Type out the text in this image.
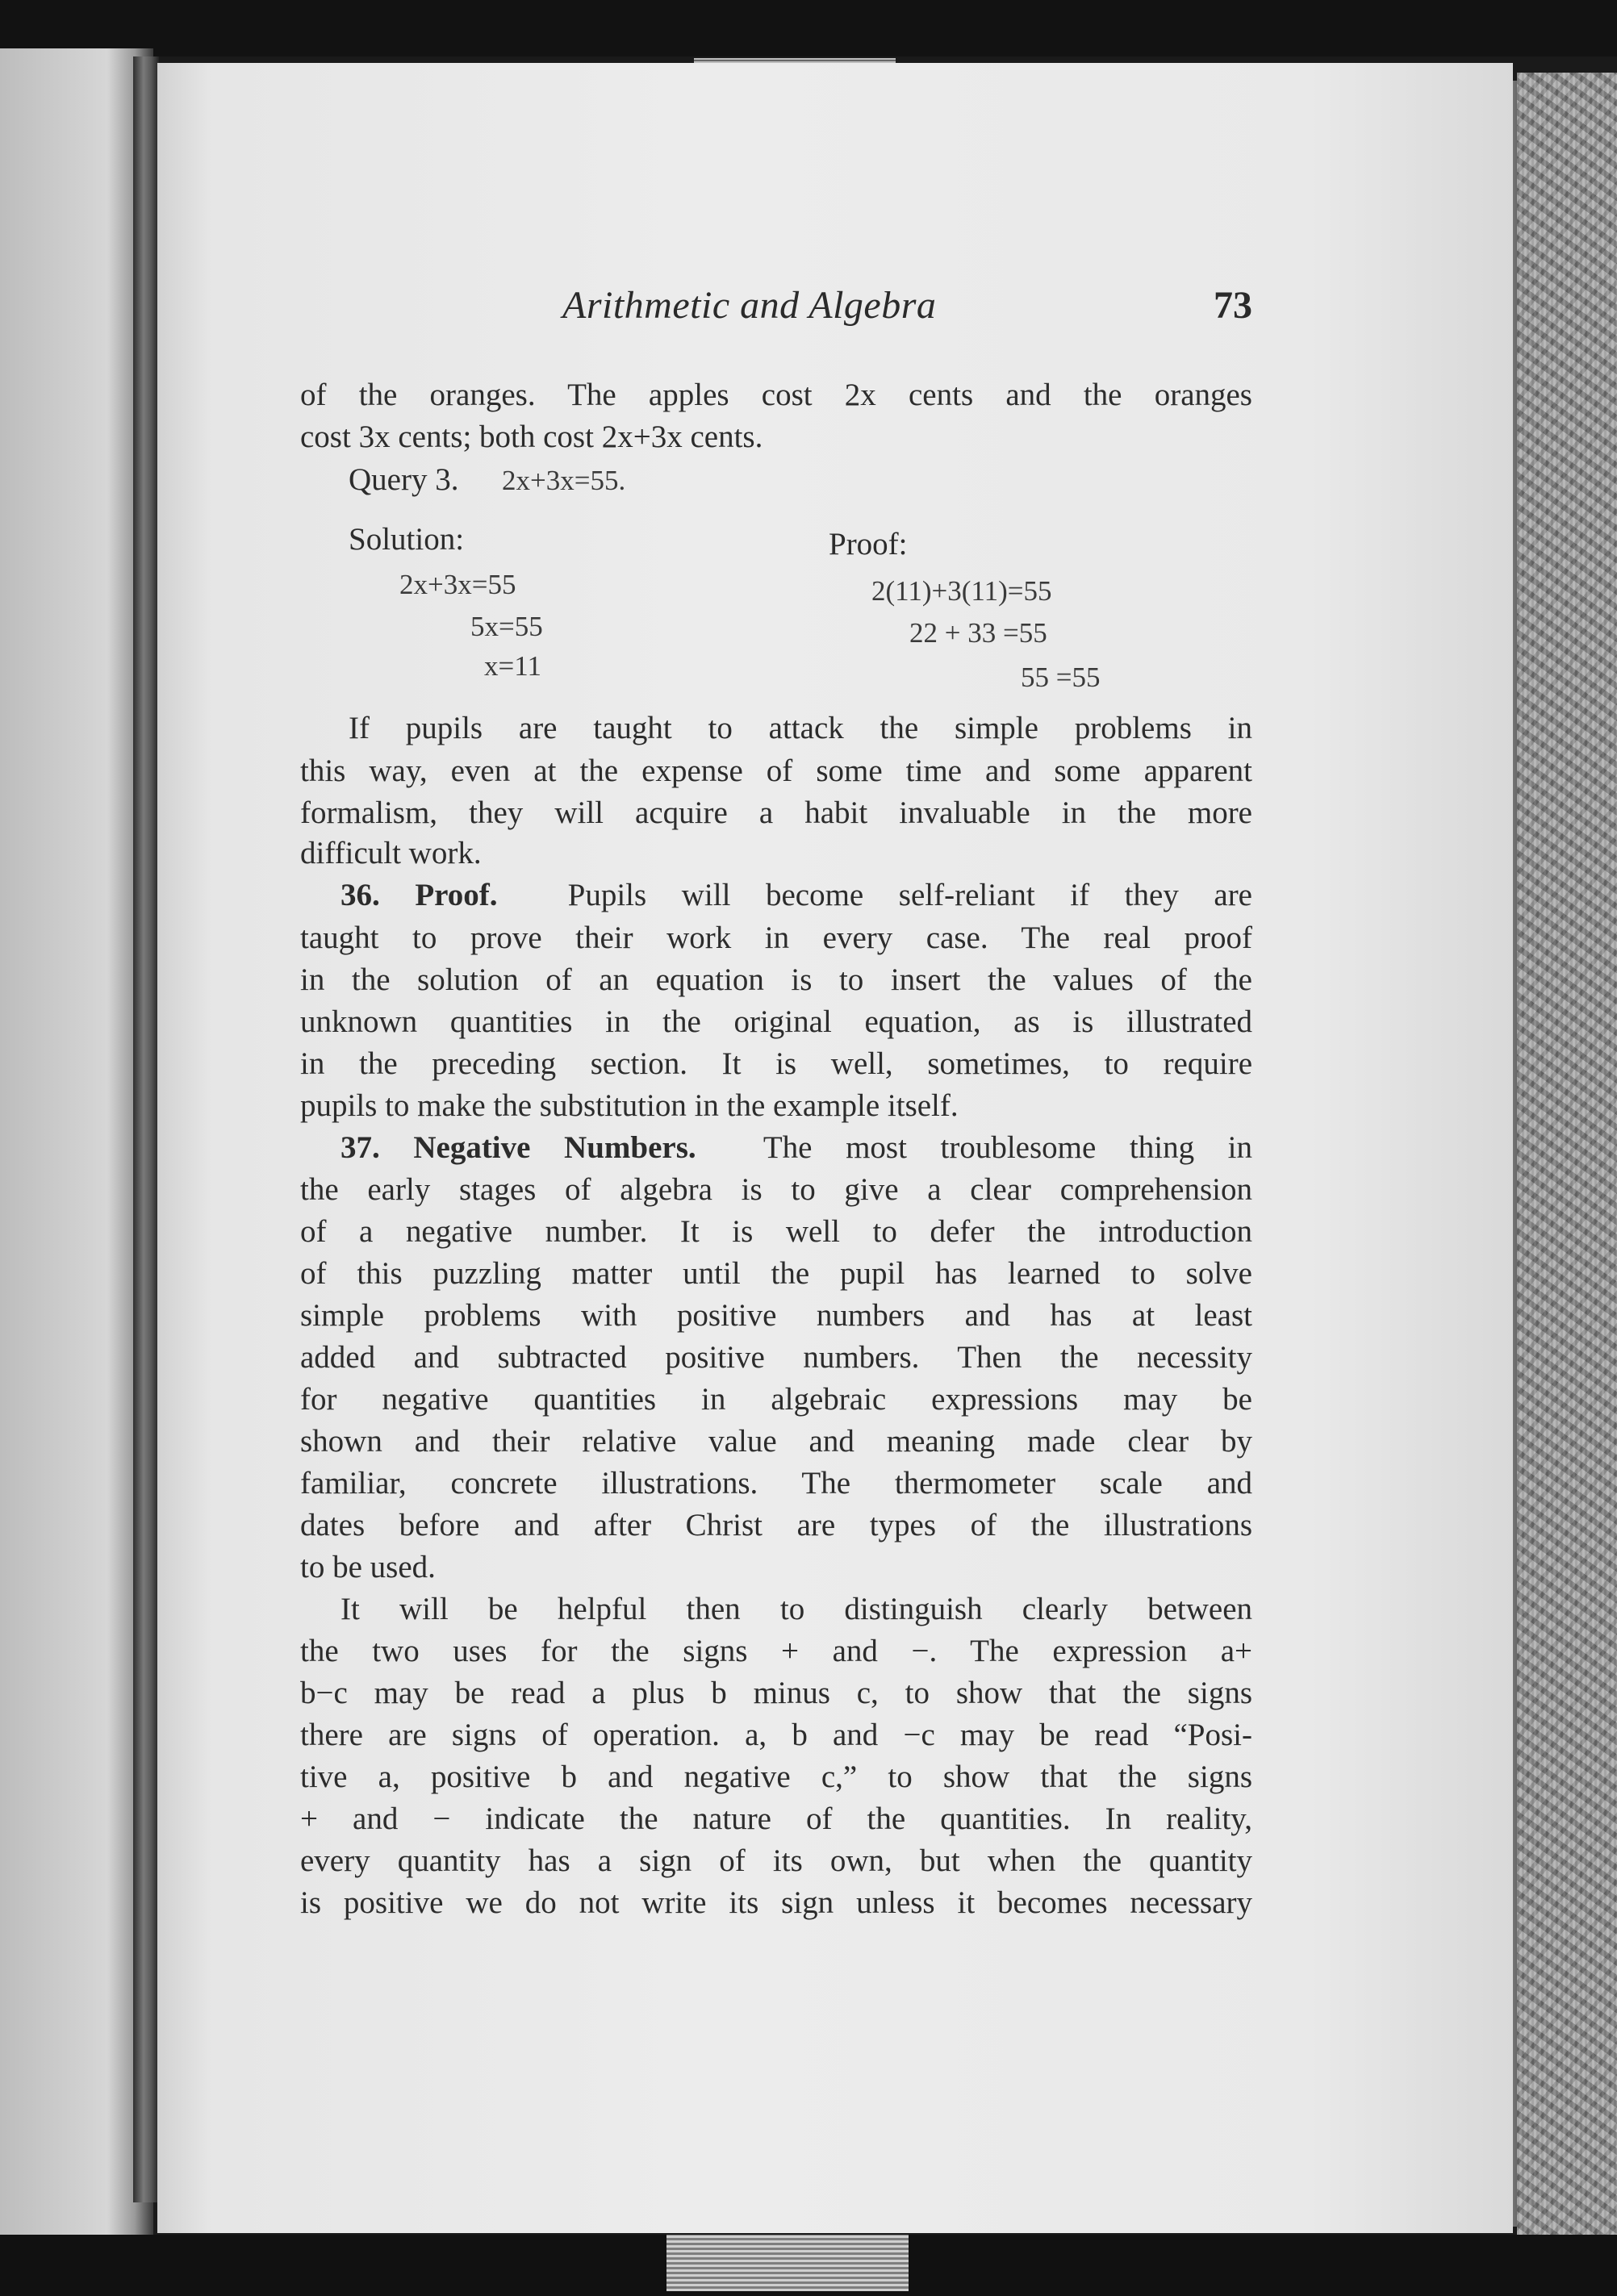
Arithmetic and Algebra	73
of the oranges. The apples cost 2x cents and the oranges
cost 3x cents; both cost 2x+3x cents.
Query 3. 2x+3x=55.
Solution:
2x+3x=55
5x=55
x=11
Proof:
2(11)+3(11)=55
22 + 33 =55
55 =55
If pupils are taught to attack the simple problems in
this way, even at the expense of some time and some apparent
formalism, they will acquire a habit invaluable in the more
difficult work.
36. Proof. Pupils will become self-reliant if they are
taught to prove their work in every case. The real proof
in the solution of an equation is to insert the values of the
unknown quantities in the original equation, as is illustrated
in the preceding section. It is well, sometimes, to require
pupils to make the substitution in the example itself.
37. Negative Numbers. The most troublesome thing in
the early stages of algebra is to give a clear comprehension
of a negative number. It is well to defer the introduction
of this puzzling matter until the pupil has learned to solve
simple problems with positive numbers and has at least
added and subtracted positive numbers. Then the necessity
for negative quantities in algebraic expressions may be
shown and their relative value and meaning made clear by
familiar, concrete illustrations. The thermometer scale and
dates before and after Christ are types of the illustrations
to be used.
It will be helpful then to distinguish clearly between
the two uses for the signs + and −. The expression a+
b−c may be read a plus b minus c, to show that the signs
there are signs of operation. a, b and −c may be read “Posi-
tive a, positive b and negative c,” to show that the signs
+ and − indicate the nature of the quantities. In reality,
every quantity has a sign of its own, but when the quantity
is positive we do not write its sign unless it becomes necessary
